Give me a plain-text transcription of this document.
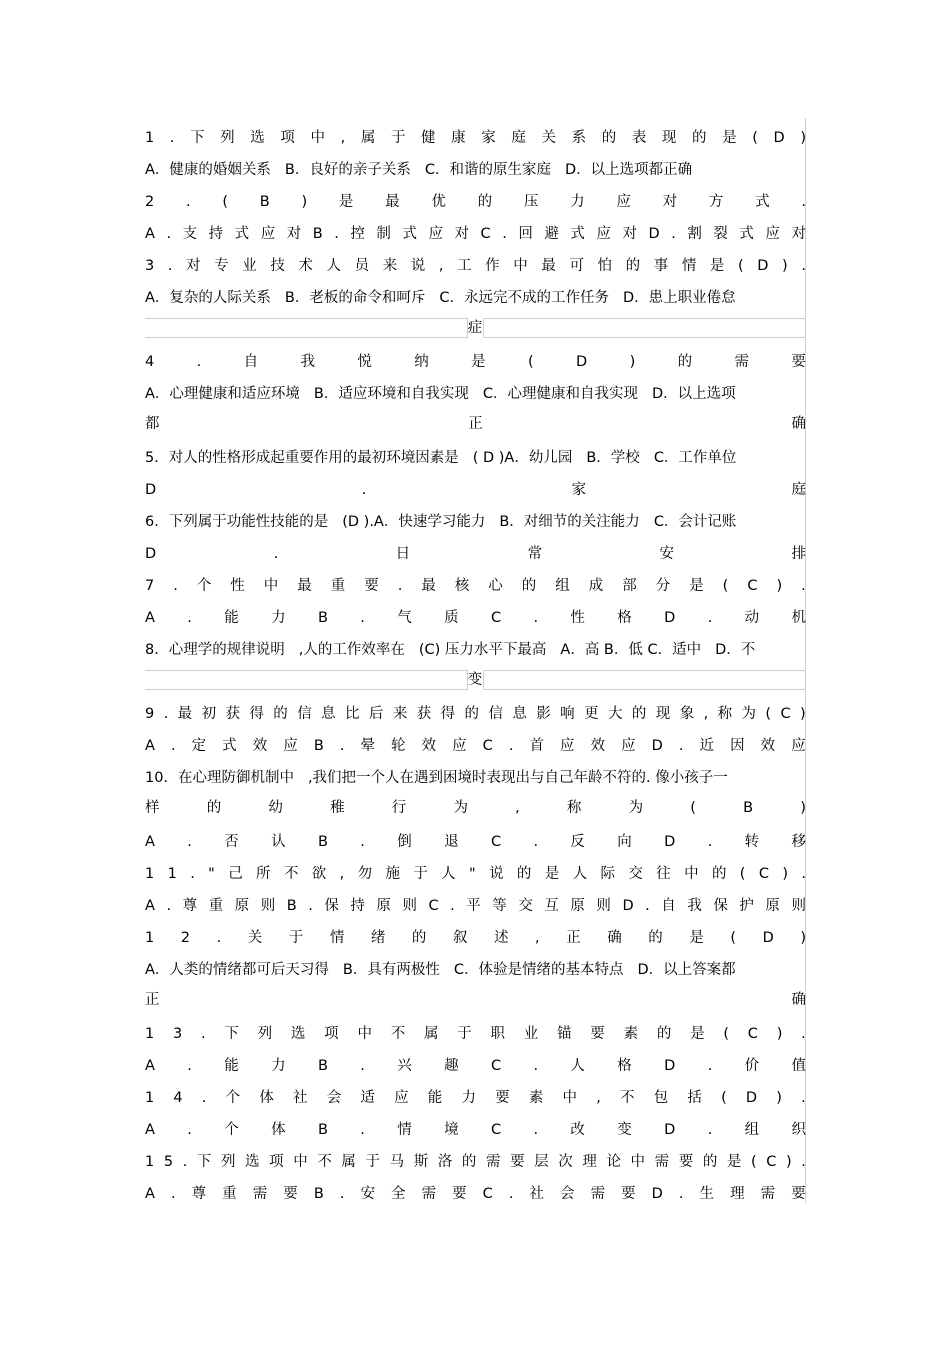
1 . 下 列 选 项 中 , 属 于 健 康 家 庭 关 系 的 表 现 的 是 ( D )
A．健康的婚姻关系 B．良好的亲子关系 C．和谐的原生家庭 D．以上选项都正确
2 . ( B ) 是 最 优 的 压 力 应 对 方 式 .
A . 支 持 式 应 对 B . 控 制 式 应 对 C . 回 避 式 应 对 D . 割 裂 式 应 对
3 . 对 专 业 技 术 人 员 来 说 , 工 作 中 最 可 怕 的 事 情 是 ( D ) .
A．复杂的人际关系 B．老板的命令和呵斥 C．永远完不成的工作任务 D．患上职业倦怠
症
4	.	自	我	悦	纳	是	(	D	)	的	需	要
A．心理健康和适应环境 B．适应环境和自我实现 C．心理健康和自我实现 D．以上选项
都	正	确
5．对人的性格形成起重要作用的最初环境因素是 ( D )A．幼儿园 B．学校 C．工作单位
D	.	家	庭
6．下列属于功能性技能的是 (D ).A．快速学习能力 B．对细节的关注能力 C．会计记账
D	.	日	常	安	排
7 . 个 性 中 最 重 要 . 最 核 心 的 组 成 部 分 是 ( C ) .
A . 能 力 B . 气 质 C . 性 格 D . 动 机
8．心理学的规律说明 ,人的工作效率在 (C) 压力水平下最高 A．高 B．低 C．适中 D．不
变
9 . 最 初 获 得 的 信 息 比 后 来 获 得 的 信 息 影 响 更 大 的 现 象 , 称 为 ( C )
A . 定 式 效 应 B . 晕 轮 效 应 C . 首 应 效 应 D . 近 因 效 应
10．在心理防御机制中 ,我们把一个人在遇到困境时表现出与自己年龄不符的. 像小孩子一
样	的	幼	稚	行	为	,	称	为	(	B	)
A . 否 认 B . 倒 退 C . 反 向 D . 转 移
1 1 . " 己 所 不 欲 , 勿 施 于 人 " 说 的 是 人 际 交 往 中 的 ( C ) .
A . 尊 重 原 则 B . 保 持 原 则 C . 平 等 交 互 原 则 D . 自 我 保 护 原 则
1 2 . 关 于 情 绪 的 叙 述 , 正 确 的 是 ( D )
A．人类的情绪都可后天习得 B．具有两极性 C．体验是情绪的基本特点 D．以上答案都
正	确
1 3 . 下 列 选 项 中 不 属 于 职 业 锚 要 素 的 是 ( C ) .
A . 能 力 B . 兴 趣 C . 人 格 D . 价 值
1 4 . 个 体 社 会 适 应 能 力 要 素 中 , 不 包 括 ( D ) .
A . 个 体 B . 情 境 C . 改 变 D . 组 织
1 5 . 下 列 选 项 中 不 属 于 马 斯 洛 的 需 要 层 次 理 论 中 需 要 的 是 ( C ) .
A . 尊 重 需 要 B . 安 全 需 要 C . 社 会 需 要 D . 生 理 需 要
